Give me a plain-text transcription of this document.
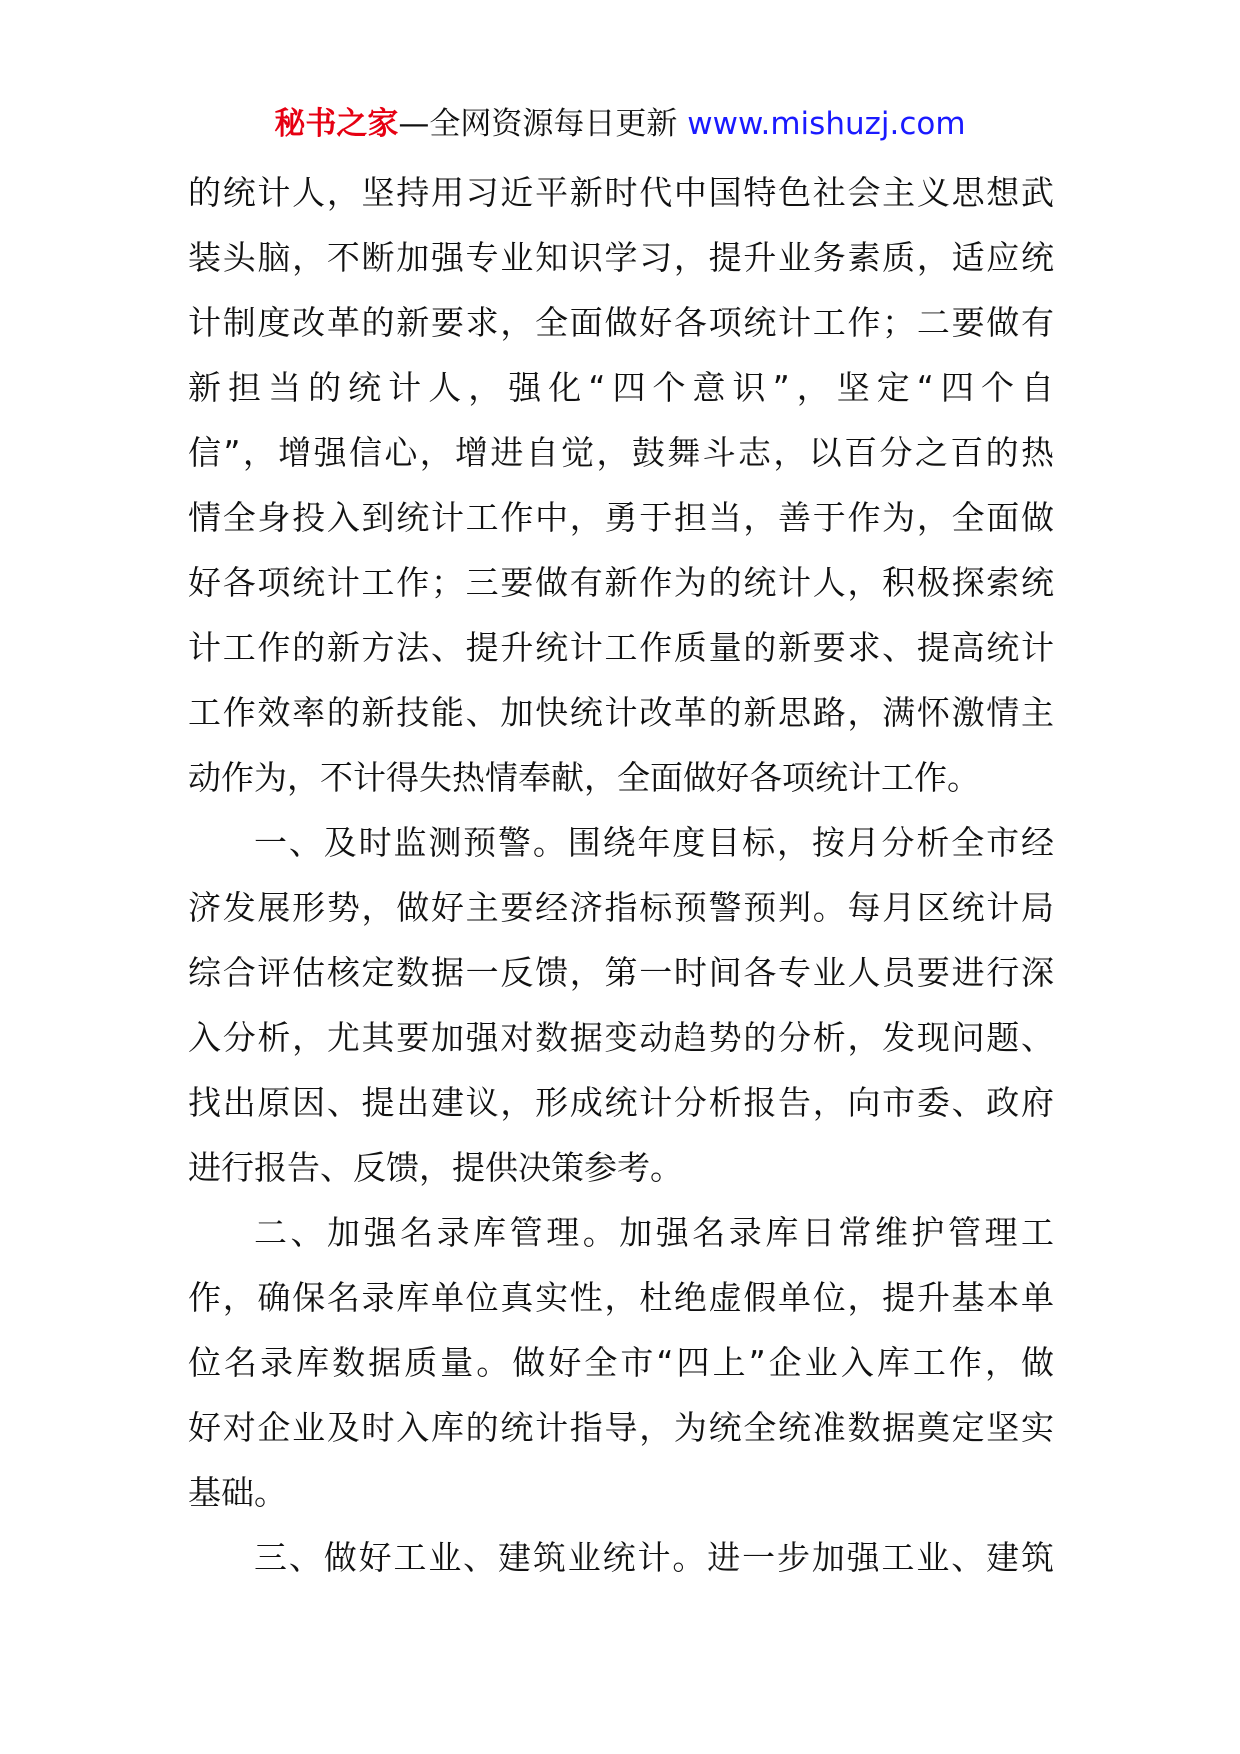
秘书之家—全网资源每日更新 www.mishuzj.com
的统计人，坚持用习近平新时代中国特色社会主义思想武
装头脑，不断加强专业知识学习，提升业务素质，适应统
计制度改革的新要求，全面做好各项统计工作；二要做有
新担当的统计人，强化“四个意识”，坚定“四个自
信”，增强信心，增进自觉，鼓舞斗志，以百分之百的热
情全身投入到统计工作中，勇于担当，善于作为，全面做
好各项统计工作；三要做有新作为的统计人，积极探索统
计工作的新方法、提升统计工作质量的新要求、提高统计
工作效率的新技能、加快统计改革的新思路，满怀激情主
动作为，不计得失热情奉献，全面做好各项统计工作。
一、及时监测预警。围绕年度目标，按月分析全市经
济发展形势，做好主要经济指标预警预判。每月区统计局
综合评估核定数据一反馈，第一时间各专业人员要进行深
入分析，尤其要加强对数据变动趋势的分析，发现问题、
找出原因、提出建议，形成统计分析报告，向市委、政府
进行报告、反馈，提供决策参考。
二、加强名录库管理。加强名录库日常维护管理工
作，确保名录库单位真实性，杜绝虚假单位，提升基本单
位名录库数据质量。做好全市“四上”企业入库工作，做
好对企业及时入库的统计指导，为统全统准数据奠定坚实
基础。
三、做好工业、建筑业统计。进一步加强工业、建筑
